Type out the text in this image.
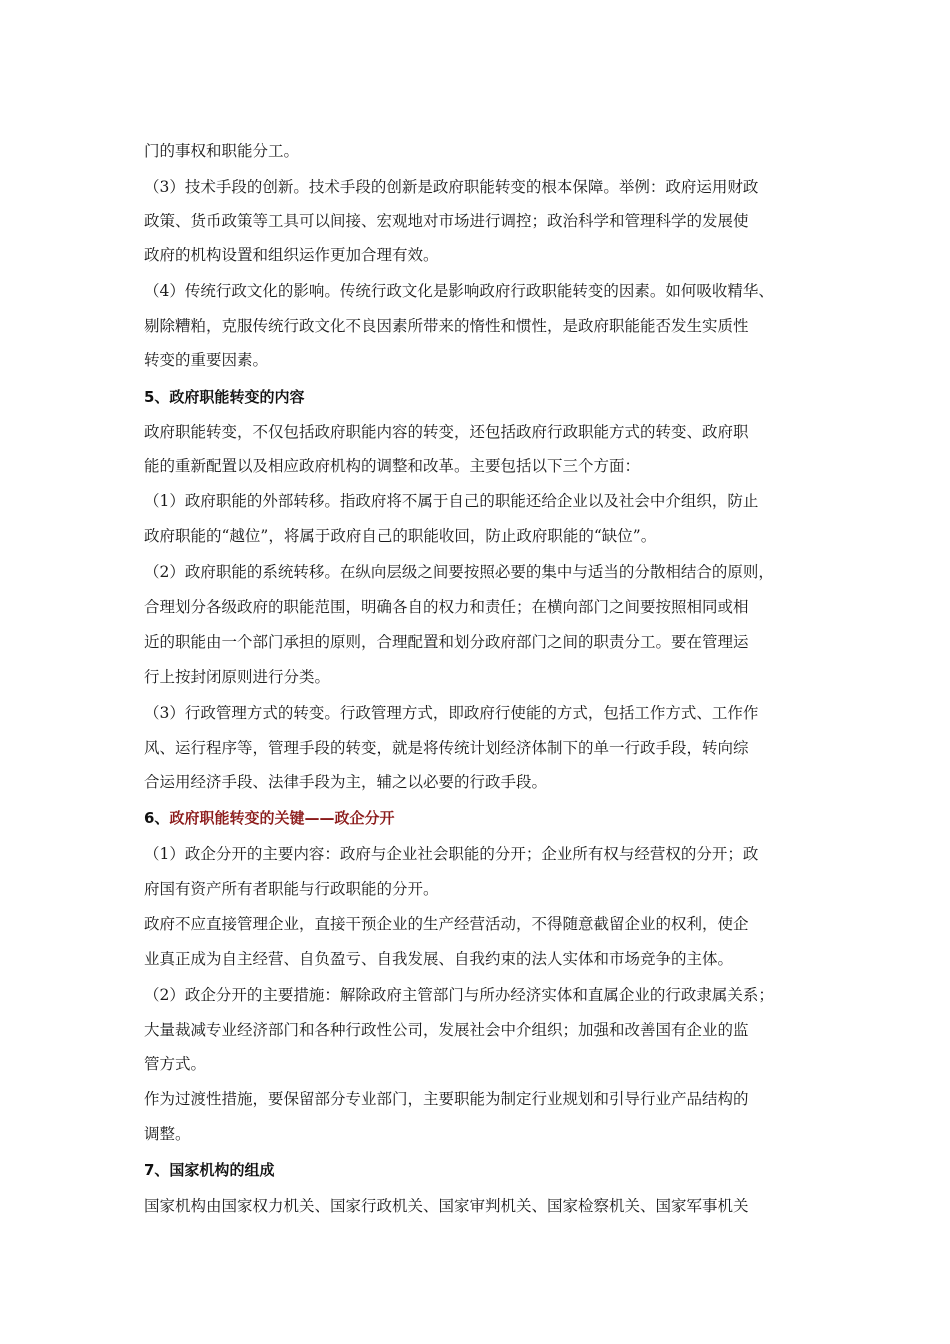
门的事权和职能分工。

（3）技术手段的创新。技术手段的创新是政府职能转变的根本保障。举例：政府运用财政

政策、货币政策等工具可以间接、宏观地对市场进行调控；政治科学和管理科学的发展使

政府的机构设置和组织运作更加合理有效。

（4）传统行政文化的影响。传统行政文化是影响政府行政职能转变的因素。如何吸收精华、

剔除糟粕，克服传统行政文化不良因素所带来的惰性和惯性，是政府职能能否发生实质性

转变的重要因素。

5、政府职能转变的内容

政府职能转变，不仅包括政府职能内容的转变，还包括政府行政职能方式的转变、政府职

能的重新配置以及相应政府机构的调整和改革。主要包括以下三个方面：

（1）政府职能的外部转移。指政府将不属于自己的职能还给企业以及社会中介组织，防止

政府职能的“越位”，将属于政府自己的职能收回，防止政府职能的“缺位”。

（2）政府职能的系统转移。在纵向层级之间要按照必要的集中与适当的分散相结合的原则，

合理划分各级政府的职能范围，明确各自的权力和责任；在横向部门之间要按照相同或相

近的职能由一个部门承担的原则，合理配置和划分政府部门之间的职责分工。要在管理运

行上按封闭原则进行分类。

（3）行政管理方式的转变。行政管理方式，即政府行使能的方式，包括工作方式、工作作

风、运行程序等，管理手段的转变，就是将传统计划经济体制下的单一行政手段，转向综

合运用经济手段、法律手段为主，辅之以必要的行政手段。

6、政府职能转变的关键——政企分开

（1）政企分开的主要内容：政府与企业社会职能的分开；企业所有权与经营权的分开；政

府国有资产所有者职能与行政职能的分开。

政府不应直接管理企业，直接干预企业的生产经营活动，不得随意截留企业的权利，使企

业真正成为自主经营、自负盈亏、自我发展、自我约束的法人实体和市场竞争的主体。

（2）政企分开的主要措施：解除政府主管部门与所办经济实体和直属企业的行政隶属关系；

大量裁减专业经济部门和各种行政性公司，发展社会中介组织；加强和改善国有企业的监

管方式。

作为过渡性措施，要保留部分专业部门，主要职能为制定行业规划和引导行业产品结构的

调整。

7、国家机构的组成

国家机构由国家权力机关、国家行政机关、国家审判机关、国家检察机关、国家军事机关
